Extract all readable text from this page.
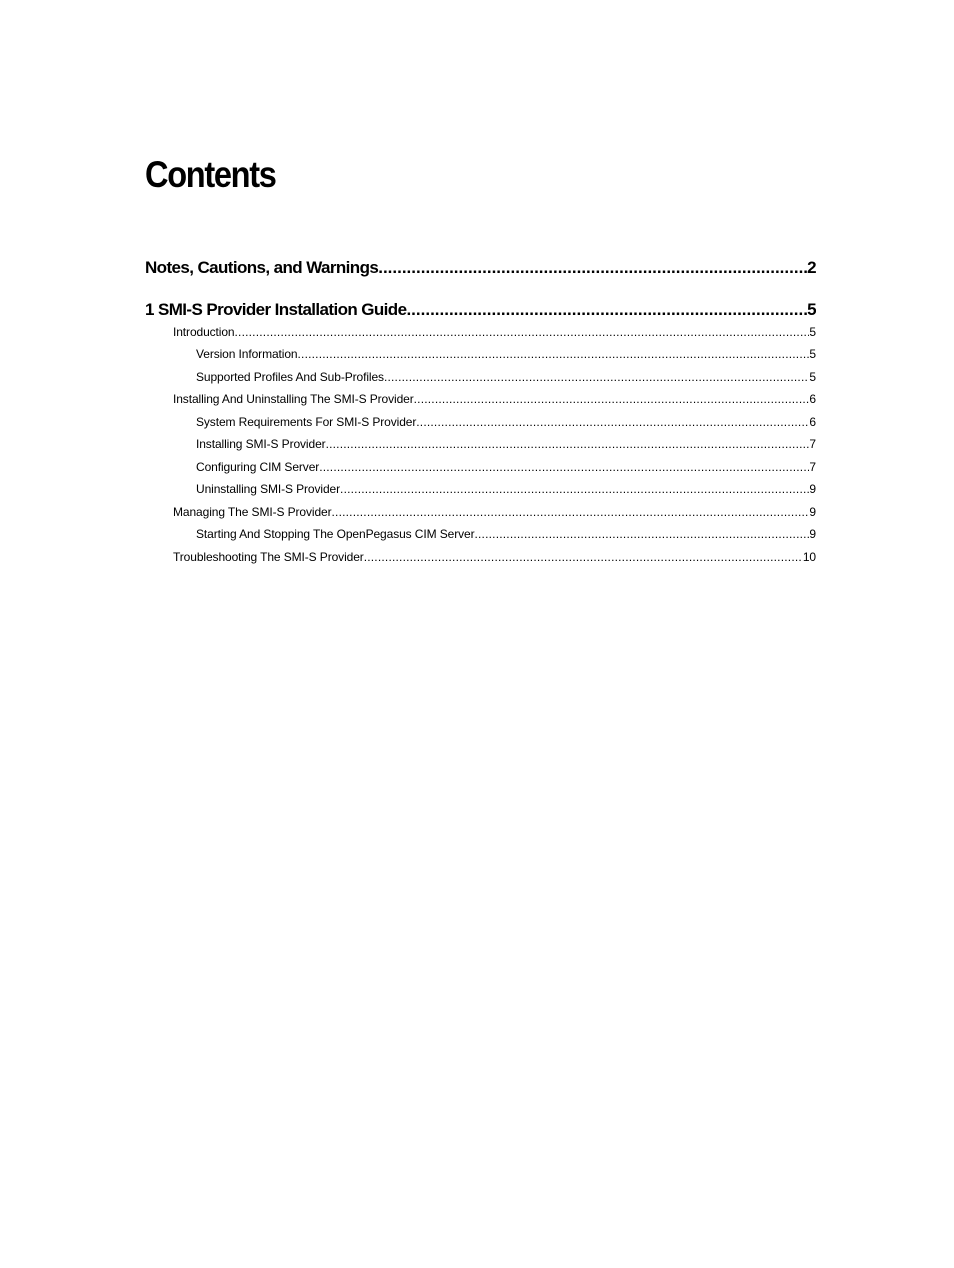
Contents
Notes, Cautions, and Warnings .....	2
1 SMI-S Provider Installation Guide .....	5
Introduction .....	5
Version Information .....	5
Supported Profiles And Sub-Profiles .....	5
Installing And Uninstalling The SMI-S Provider .....	6
System Requirements For SMI-S Provider .....	6
Installing SMI-S Provider .....	7
Configuring CIM Server .....	7
Uninstalling SMI-S Provider .....	9
Managing The SMI-S Provider .....	9
Starting And Stopping The OpenPegasus CIM Server .....	9
Troubleshooting The SMI-S Provider .....	10
